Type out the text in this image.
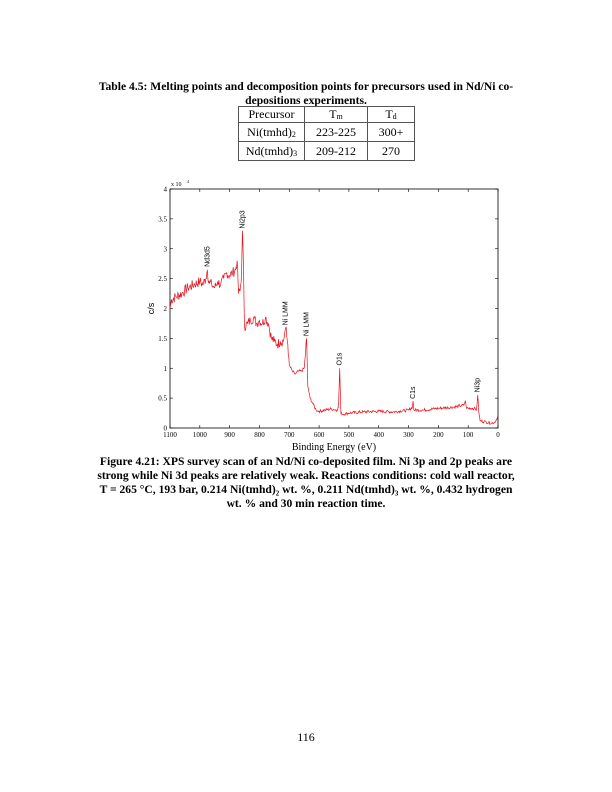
Table 4.5: Melting points and decomposition points for precursors used in Nd/Ni co-depositions experiments.
Precursor	$T_m$	$T_d$
$Ni(tmhd)_2$	223-225	300+
$Nd(tmhd)_3$	209-212	270
1100 1000	900	800	700	600	500	400	300	200	100	0
0
0.5
1
1.5
2
2.5
3
3.5
4
x 10
4
Binding Energy (eV)
c/s
Nd3d5
Ni2p3
Ni LMM Ni LMM
O1s
C1s
Ni3p
Figure 4.21: XPS survey scan of an Nd/Ni co-deposited film. Ni 3p and 2p peaks are strong while Ni 3d peaks are relatively weak. Reactions conditions: cold wall reactor, T = 265 °C, 193 bar, 0.214 Ni(tmhd)₂ wt. %, 0.211 Nd(tmhd)₃ wt. %, 0.432 hydrogen wt. % and 30 min reaction time.
116
